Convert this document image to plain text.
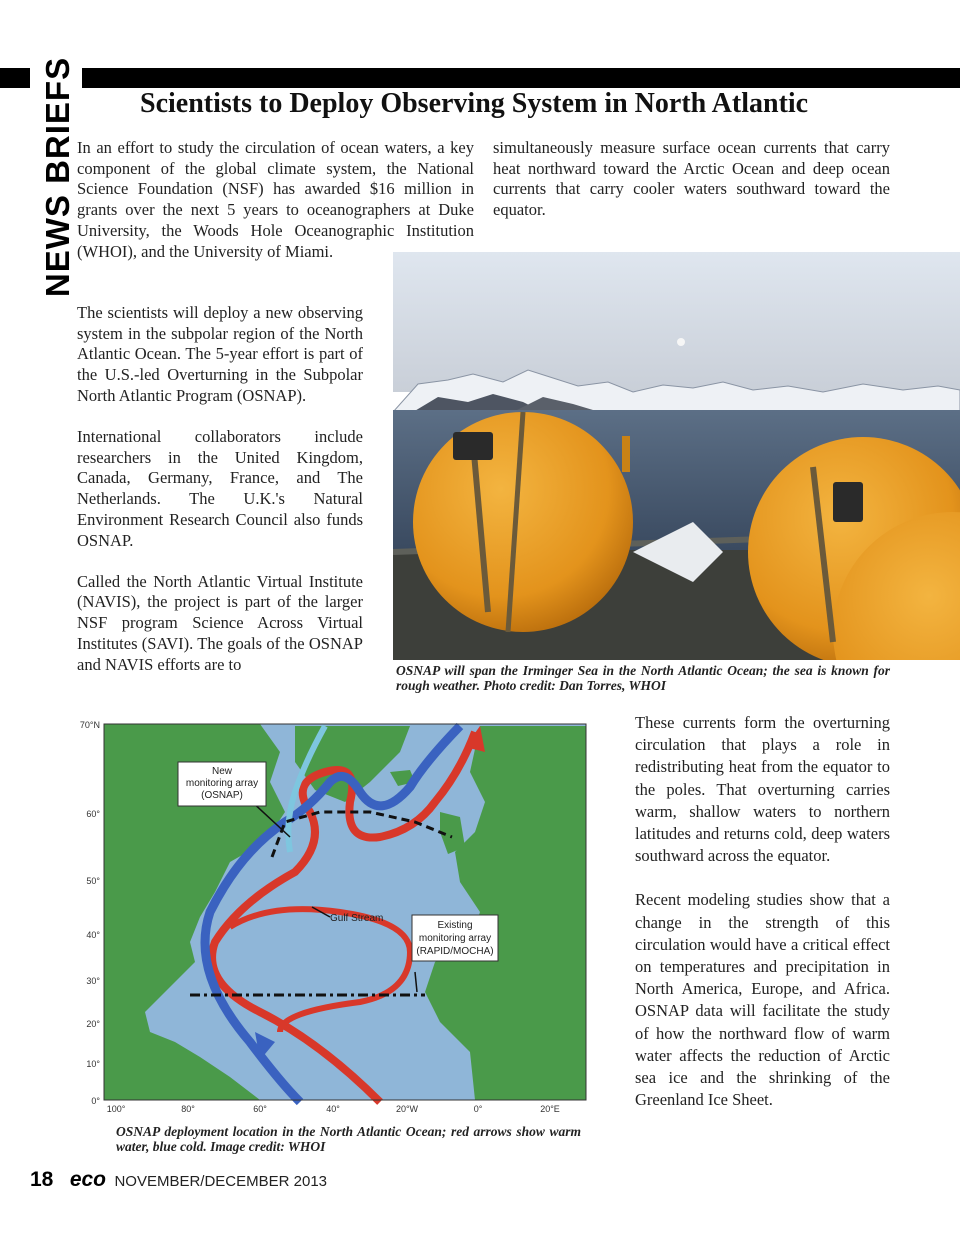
NEWS BRIEFS Scientists to Deploy Observing System in North Atlantic

In an effort to study the circulation of ocean waters, a key component of the global climate system, the National Science Foundation (NSF) has awarded $16 million in grants over the next 5 years to oceanographers at Duke University, the Woods Hole Oceanographic Institution (WHOI), and the University of Miami.

The scientists will deploy a new observing system in the subpolar region of the North Atlantic Ocean. The 5-year effort is part of the U.S.-led Overturning in the Subpolar North Atlantic Program (OSNAP).

International collaborators include researchers in the United Kingdom, Canada, Germany, France, and The Netherlands. The U.K.'s Natural Environment Research Council also funds OSNAP.

Called the North Atlantic Virtual Institute (NAVIS), the project is part of the larger NSF program Science Across Virtual Institutes (SAVI). The goals of the OSNAP and NAVIS efforts are to

simultaneously measure surface ocean currents that carry heat northward toward the Arctic Ocean and deep ocean currents that carry cooler waters southward toward the equator.

OSNAP will span the Irminger Sea in the North Atlantic Ocean; the sea is known for rough weather. Photo credit: Dan Torres, WHOI
New
monitoring array
(OSNAP)
Gulf Stream
Existing
monitoring array
(RAPID/MOCHA)
70°N
60°
50°
40°
30°
20°
10°
0°
100°	80°	60°	40°	20°W	0°	20°E
OSNAP deployment location in the North Atlantic Ocean; red arrows show warm water, blue cold. Image credit: WHOI

These currents form the overturning circulation that plays a role in redistributing heat from the equator to the poles. That overturning carries warm, shallow waters to northern latitudes and returns cold, deep waters southward across the equator.

Recent modeling studies show that a change in the strength of this circulation would have a critical effect on temperatures and precipitation in North America, Europe, and Africa. OSNAP data will facilitate the study of how the northward flow of warm water affects the reduction of Arctic sea ice and the shrinking of the Greenland Ice Sheet.

18 eco NOVEMBER/DECEMBER 2013
